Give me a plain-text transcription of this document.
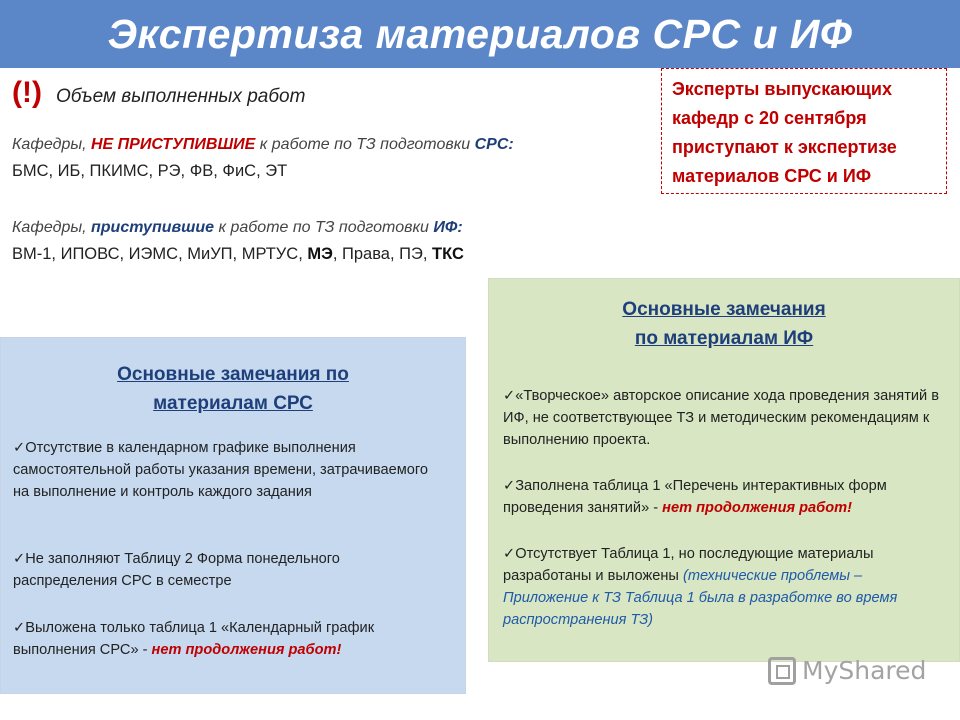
Экспертиза материалов СРС и ИФ
(!) Объем выполненных работ
Кафедры, НЕ ПРИСТУПИВШИЕ к работе по ТЗ подготовки СРС:
БМС, ИБ, ПКИМС, РЭ, ФВ, ФиС, ЭТ
Кафедры, приступившие к работе по ТЗ подготовки ИФ:
ВМ-1, ИПОВС, ИЭМС, МиУП, МРТУС, МЭ, Права, ПЭ, ТКС
Эксперты выпускающих
кафедр с 20 сентября
приступают к экспертизе
материалов СРС и ИФ
Основные замечания по
материалам СРС
✓Отсутствие в календарном графике выполнения самостоятельной работы указания времени, затрачиваемого на выполнение и контроль каждого задания
✓Не заполняют Таблицу 2 Форма понедельного распределения СРС в семестре
✓Выложена только таблица 1 «Календарный график выполнения СРС» - нет продолжения работ!
Основные замечания
по материалам ИФ
✓«Творческое» авторское описание хода проведения занятий в ИФ, не соответствующее ТЗ и методическим рекомендациям к выполнению проекта.
✓Заполнена таблица 1 «Перечень интерактивных форм проведения занятий» - нет продолжения работ!
✓Отсутствует Таблица 1, но последующие материалы разработаны и выложены (технические проблемы – Приложение к ТЗ Таблица 1 была в разработке во время распространения ТЗ)
MyShared
